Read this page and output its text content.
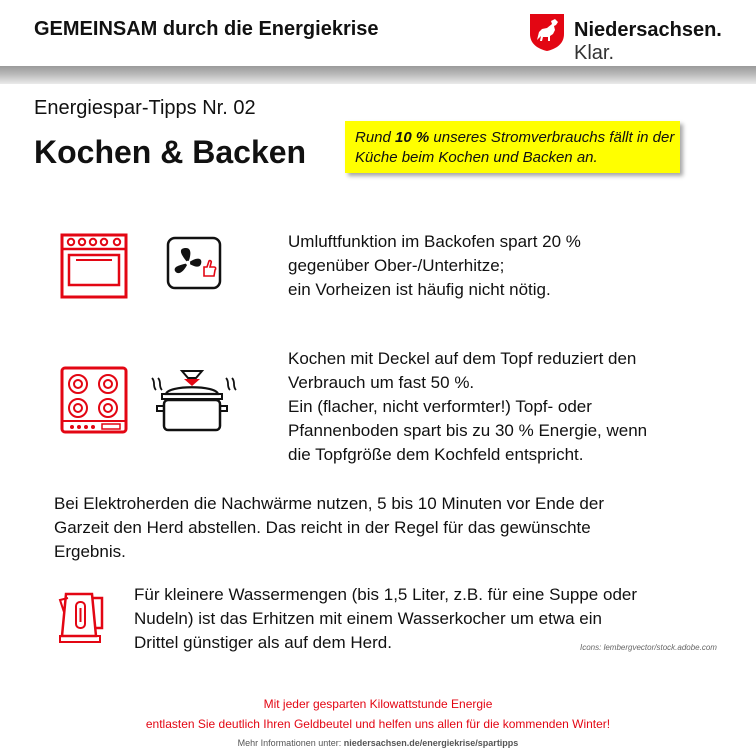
GEMEINSAM durch die Energiekrise	Niedersachsen. Klar.
Energiespar-Tipps Nr. 02
Kochen & Backen	Rund 10 % unseres Stromverbrauchs fällt in der Küche beim Kochen und Backen an.
Umluftfunktion im Backofen spart 20 %
gegenüber Ober-/Unterhitze;
ein Vorheizen ist häufig nicht nötig.
Kochen mit Deckel auf dem Topf reduziert den
Verbrauch um fast 50 %.
Ein (flacher, nicht verformter!) Topf- oder
Pfannenboden spart bis zu 30 % Energie, wenn
die Topfgröße dem Kochfeld entspricht.
Bei Elektroherden die Nachwärme nutzen, 5 bis 10 Minuten vor Ende der
Garzeit den Herd abstellen. Das reicht in der Regel für das gewünschte
Ergebnis.
Für kleinere Wassermengen (bis 1,5 Liter, z.B. für eine Suppe oder
Nudeln) ist das Erhitzen mit einem Wasserkocher um etwa ein
Drittel günstiger als auf dem Herd.	Icons: lembergvector/stock.adobe.com
Mit jeder gesparten Kilowattstunde Energie
entlasten Sie deutlich Ihren Geldbeutel und helfen uns allen für die kommenden Winter!
Mehr Informationen unter: niedersachsen.de/energiekrise/spartipps
